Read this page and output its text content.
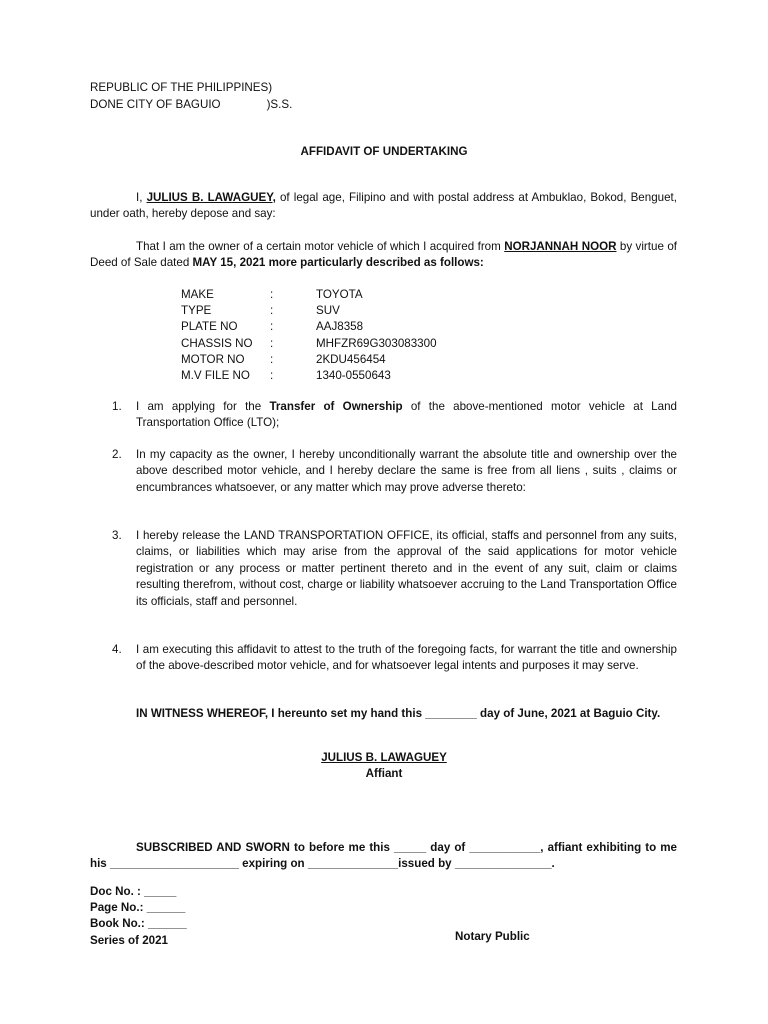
REPUBLIC OF THE PHILIPPINES)
DONE CITY OF BAGUIO	)S.S.
AFFIDAVIT OF UNDERTAKING
I, JULIUS B. LAWAGUEY, of legal age, Filipino and with postal address at Ambuklao, Bokod, Benguet, under oath, hereby depose and say:
That I am the owner of a certain motor vehicle of which I acquired from NORJANNAH NOOR by virtue of Deed of Sale dated MAY 15, 2021 more particularly described as follows:
MAKE	:	TOYOTA
TYPE	:	SUV
PLATE NO	:	AAJ8358
CHASSIS NO :	MHFZR69G303083300
MOTOR NO :	2KDU456454
M.V FILE NO :	1340-0550643
1.	I am applying for the Transfer of Ownership of the above-mentioned motor vehicle at Land Transportation Office (LTO);
2.	In my capacity as the owner, I hereby unconditionally warrant the absolute title and ownership over the above described motor vehicle, and I hereby declare the same is free from all liens , suits , claims or encumbrances whatsoever, or any matter which may prove adverse thereto:
3.	I hereby release the LAND TRANSPORTATION OFFICE, its official, staffs and personnel from any suits, claims, or liabilities which may arise from the approval of the said applications for motor vehicle registration or any process or matter pertinent thereto and in the event of any suit, claim or claims resulting therefrom, without cost, charge or liability whatsoever accruing to the Land Transportation Office its officials, staff and personnel.
4.	I am executing this affidavit to attest to the truth of the foregoing facts, for warrant the title and ownership of the above-described motor vehicle, and for whatsoever legal intents and purposes it may serve.
IN WITNESS WHEREOF, I hereunto set my hand this ________ day of June, 2021 at Baguio City.
JULIUS B. LAWAGUEY
Affiant
SUBSCRIBED AND SWORN to before me this _____ day of ___________, affiant exhibiting to me
his ____________________ expiring on ______________issued by _______________.
Doc No. : _____
Page No.: ______
Book No.: ______
Series of 2021	Notary Public
